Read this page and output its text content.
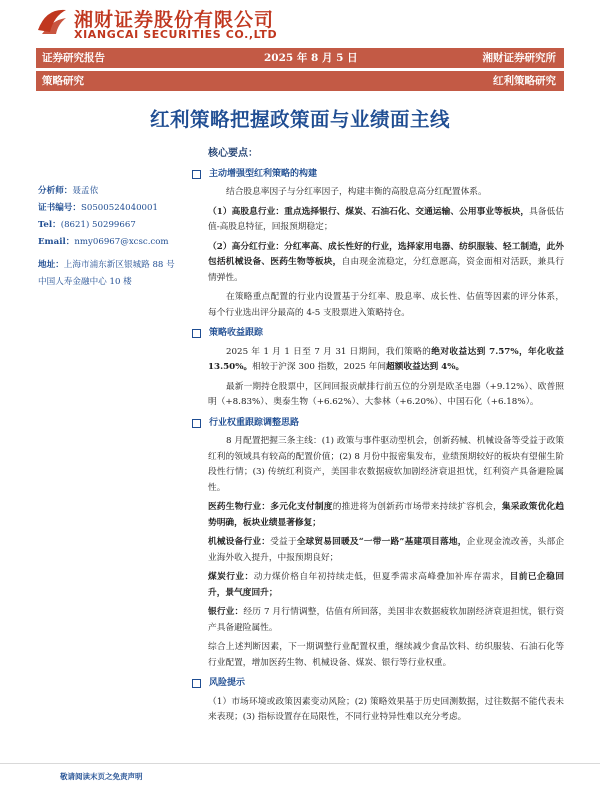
湘财证券股份有限公司
XIANGCAI SECURITIES CO.,LTD
证券研究报告	2025 年 8 月 5 日	湘财证券研究所
策略研究	红利策略研究
红利策略把握政策面与业绩面主线
分析师：聂孟依
证书编号：S0500524040001
Tel：(8621) 50299667
Email：nmy06967@xcsc.com
地址：上海市浦东新区银城路 88 号
中国人寿金融中心 10 楼
核心要点：
主动增强型红利策略的构建

结合股息率因子与分红率因子，构建丰衡的高股息高分红配置体系。

（1）高股息行业：重点选择银行、煤炭、石油石化、交通运输、公用事业等板块，具备低估值-高股息特征，回报预期稳定；

（2）高分红行业：分红率高、成长性好的行业，选择家用电器、纺织服装、轻工制造，此外包括机械设备、医药生物等板块，自由现金流稳定，分红意愿高，资金面相对活跃，兼具行情弹性。

在策略重点配置的行业内设置基于分红率、股息率、成长性、估值等因素的评分体系，每个行业选出评分最高的 4-5 支股票进入策略持仓。

策略收益跟踪

2025 年 1 月 1 日至 7 月 31 日期间，我们策略的绝对收益达到 7.57%，年化收益 13.50%。相较于沪深 300 指数，2025 年间超额收益达到 4%。

最新一期持仓股票中，区间回报贡献排行前五位的分别是欧圣电器（+9.12%）、欧普照明（+8.83%）、奥泰生物（+6.62%）、大参林（+6.20%）、中国石化（+6.18%）。

行业权重跟踪调整思路

8 月配置把握三条主线：(1) 政策与事件驱动型机会，创新药械、机械设备等受益于政策红利的领域具有较高的配置价值；(2) 8 月份中报密集发布，业绩预期较好的板块有望催生阶段性行情；(3) 传统红利资产，美国非农数据疲软加剧经济衰退担忧，红利资产具备避险属性。

医药生物行业：多元化支付制度的推进将为创新药市场带来持续扩容机会，集采政策优化趋势明确，板块业绩显著修复；

机械设备行业：受益于全球贸易回暖及“一带一路”基建项目落地，企业现金流改善，头部企业海外收入提升，中报预期良好；

煤炭行业：动力煤价格自年初持续走低，但夏季需求高峰叠加补库存需求，目前已企稳回升，景气度回升；

银行业：经历 7 月行情调整，估值有所回落，美国非农数据疲软加剧经济衰退担忧，银行资产具备避险属性。

综合上述判断因素，下一期调整行业配置权重，继续减少食品饮料、纺织服装、石油石化等行业配置，增加医药生物、机械设备、煤炭、银行等行业权重。

风险提示

（1）市场环境或政策因素变动风险；(2) 策略效果基于历史回测数据，过往数据不能代表未来表现；(3) 指标设置存在局限性，不同行业特异性难以充分考虑。

敬请阅读末页之免责声明
